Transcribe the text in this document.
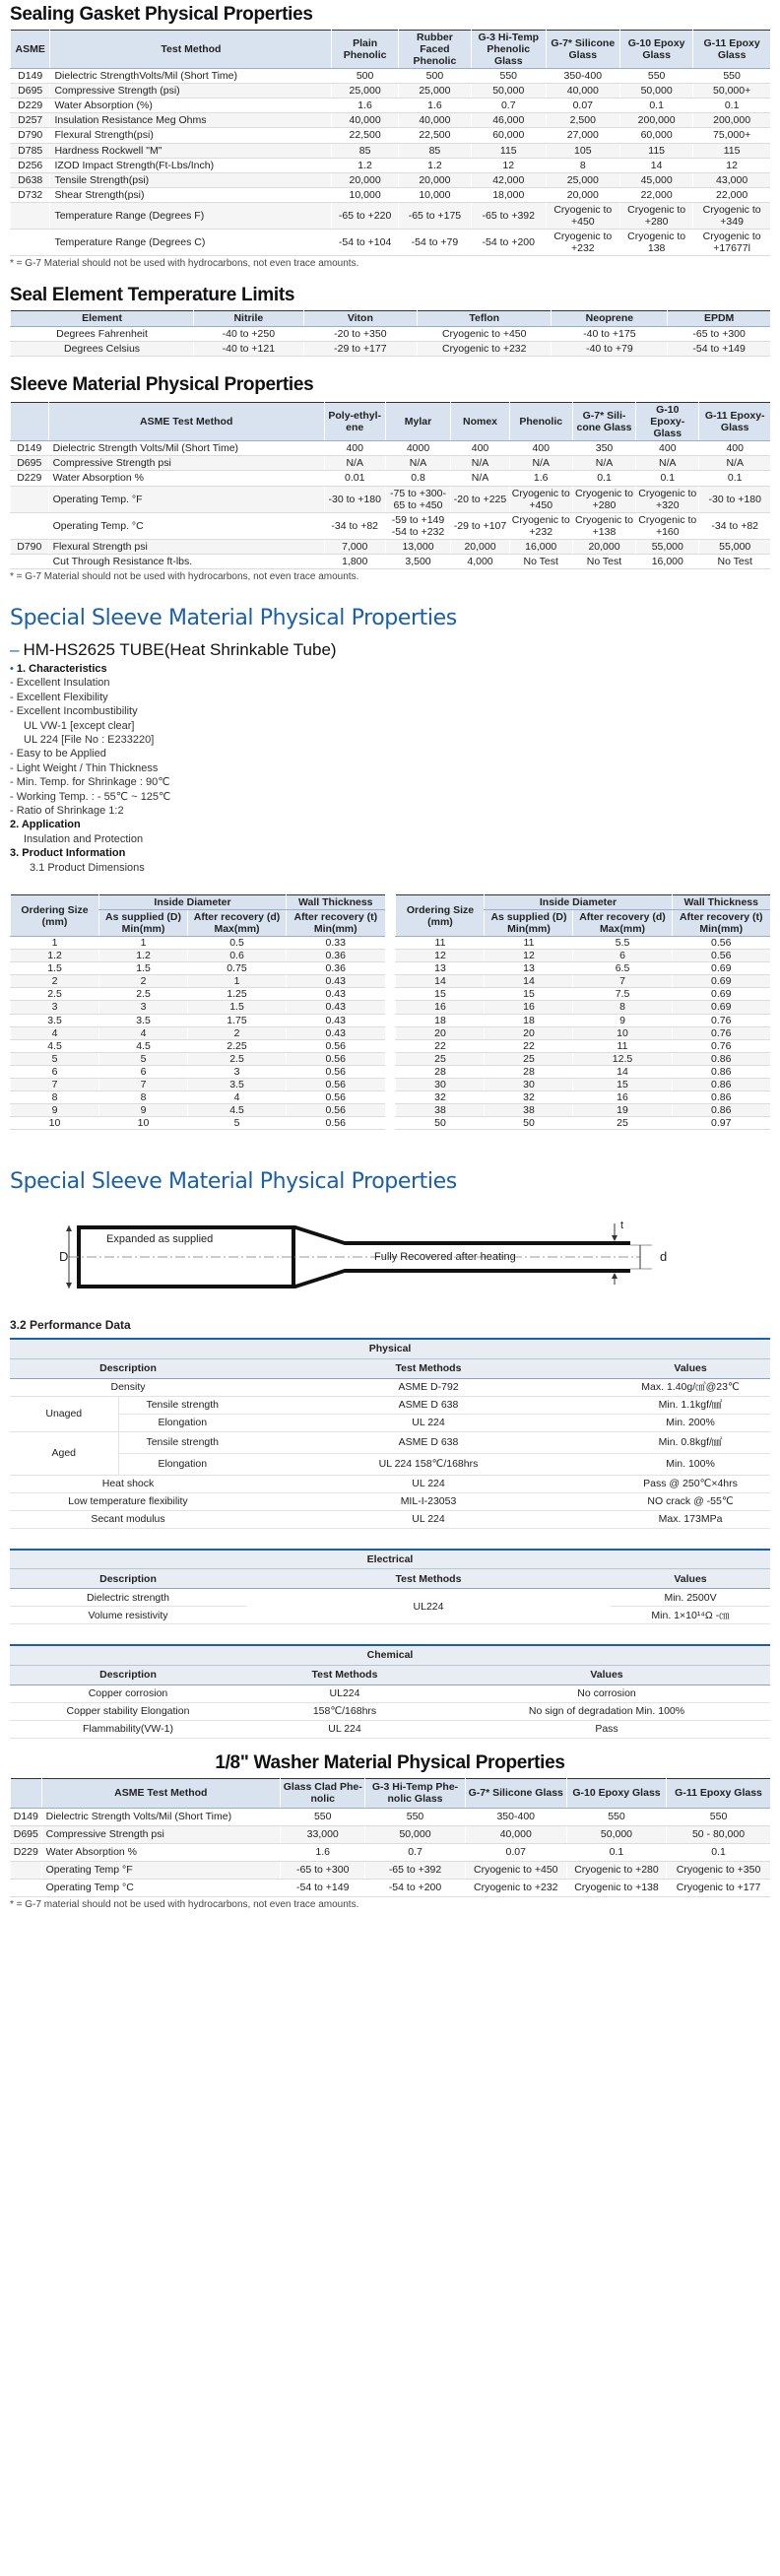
Sealing Gasket Physical Properties
ASME	Test Method	Plain Phenolic	Rubber Faced Phenolic	G-3 Hi-Temp Phenolic Glass	G-7* Silicone Glass	G-10 Epoxy Glass	G-11 Epoxy Glass
D149	Dielectric StrengthVolts/Mil (Short Time)	500	500	550	350-400	550	550
D695	Compressive Strength (psi)	25,000	25,000	50,000	40,000	50,000	50,000+
D229	Water Absorption (%)	1.6	1.6	0.7	0.07	0.1	0.1
D257	Insulation Resistance Meg Ohms	40,000	40,000	46,000	2,500	200,000	200,000
D790	Flexural Strength(psi)	22,500	22,500	60,000	27,000	60,000	75,000+
D785	Hardness Rockwell "M"	85	85	115	105	115	115
D256	IZOD Impact Strength(Ft-Lbs/Inch)	1.2	1.2	12	8	14	12
D638	Tensile Strength(psi)	20,000	20,000	42,000	25,000	45,000	43,000
D732	Shear Strength(psi)	10,000	10,000	18,000	20,000	22,000	22,000
	Temperature Range (Degrees F)	-65 to +220	-65 to +175	-65 to +392	Cryogenic to +450	Cryogenic to +280	Cryogenic to +349
	Temperature Range (Degrees C)	-54 to +104	-54 to +79	-54 to +200	Cryogenic to +232	Cryogenic to 138	Cryogenic to +17677l
* = G-7 Material should not be used with hydrocarbons, not even trace amounts.
Seal Element Temperature Limits
Element	Nitrile	Viton	Teflon	Neoprene	EPDM
Degrees Fahrenheit	-40 to +250	-20 to +350	Cryogenic to +450	-40 to +175	-65 to +300
Degrees Celsius	-40 to +121	-29 to +177	Cryogenic to +232	-40 to +79	-54 to +149
Sleeve Material Physical Properties
	ASME Test Method	Poly-ethyl-ene	Mylar	Nomex	Phenolic	G-7* Sili-cone Glass	G-10 Epoxy-Glass	G-11 Epoxy-Glass
D149	Dielectric Strength Volts/Mil (Short Time)	400	4000	400	400	350	400	400
D695	Compressive Strength psi	N/A	N/A	N/A	N/A	N/A	N/A	N/A
D229	Water Absorption %	0.01	0.8	N/A	1.6	0.1	0.1	0.1
	Operating Temp. °F	-30 to +180	-75 to +300-65 to +450	-20 to +225	Cryogenic to +450	Cryogenic to +280	Cryogenic to +320	-30 to +180
	Operating Temp. °C	-34 to +82	-59 to +149 -54 to +232	-29 to +107	Cryogenic to +232	Cryogenic to +138	Cryogenic to +160	-34 to +82
D790	Flexural Strength psi	7,000	13,000	20,000	16,000	20,000	55,000	55,000
	Cut Through Resistance ft-lbs.	1,800	3,500	4,000	No Test	No Test	16,000	No Test
* = G-7 Material should not be used with hydrocarbons, not even trace amounts.
Special Sleeve Material Physical Properties
– HM-HS2625 TUBE(Heat Shrinkable Tube)
• 1. Characteristics
- Excellent Insulation
- Excellent Flexibility
- Excellent Incombustibility
UL VW-1 [except clear]
UL 224 [File No : E233220]
- Easy to be Applied
- Light Weight / Thin Thickness
- Min. Temp. for Shrinkage : 90℃
- Working Temp. : - 55℃ ~ 125℃
- Ratio of Shrinkage 1:2
2. Application
Insulation and Protection
3. Product Information
3.1 Product Dimensions
Ordering Size (mm)	Inside Diameter		Wall Thickness
	As supplied (D) Min(mm)	After recovery (d) Max(mm)	After recovery (t) Min(mm)
1	1	0.5	0.33
1.2	1.2	0.6	0.36
1.5	1.5	0.75	0.36
2	2	1	0.43
2.5	2.5	1.25	0.43
3	3	1.5	0.43
3.5	3.5	1.75	0.43
4	4	2	0.43
4.5	4.5	2.25	0.56
5	5	2.5	0.56
6	6	3	0.56
7	7	3.5	0.56
8	8	4	0.56
9	9	4.5	0.56
10	10	5	0.56
Ordering Size (mm)	Inside Diameter		Wall Thickness
	As supplied (D) Min(mm)	After recovery (d) Max(mm)	After recovery (t) Min(mm)
11	11	5.5	0.56
12	12	6	0.56
13	13	6.5	0.69
14	14	7	0.69
15	15	7.5	0.69
16	16	8	0.69
18	18	9	0.76
20	20	10	0.76
22	22	11	0.76
25	25	12.5	0.86
28	28	14	0.86
30	30	15	0.86
32	32	16	0.86
38	38	19	0.86
50	50	25	0.97
Special Sleeve Material Physical Properties
D	d
t
Expanded as supplied
Fully Recovered after heating
3.2 Performance Data
Physical			
Description		Test Methods	Values
Density		ASME D-792	Max. 1.40g/㎤@23℃
Unaged	Tensile strength	ASME D 638	Min. 1.1kgf/㎟
	Elongation	UL 224	Min. 200%
Aged	Tensile strength	ASME D 638	Min. 0.8kgf/㎟
	Elongation	UL 224 158℃/168hrs	Min. 100%
Heat shock		UL 224	Pass @ 250℃×4hrs
Low temperature flexibility		MIL-I-23053	NO crack @ -55℃
Secant modulus		UL 224	Max. 173MPa
Electrical		
Description	Test Methods	Values
Dielectric strength	UL224	Min. 2500V
Volume resistivity		Min. 1×10¹⁴Ω -㎝
Chemical		
Description	Test Methods	Values
Copper corrosion	UL224	No corrosion
Copper stability Elongation	158℃/168hrs	No sign of degradation Min. 100%
Flammability(VW-1)	UL 224	Pass
1/8" Washer Material Physical Properties
	ASME Test Method	Glass Clad Phe-nolic	G-3 Hi-Temp Phe-nolic Glass	G-7* Silicone Glass	G-10 Epoxy Glass	G-11 Epoxy Glass
D149	Dielectric Strength Volts/Mil (Short Time)	550	550	350-400	550	550
D695	Compressive Strength psi	33,000	50,000	40,000	50,000	50 - 80,000
D229	Water Absorption %	1.6	0.7	0.07	0.1	0.1
	Operating Temp °F	-65 to +300	-65 to +392	Cryogenic to +450	Cryogenic to +280	Cryogenic to +350
	Operating Temp °C	-54 to +149	-54 to +200	Cryogenic to +232	Cryogenic to +138	Cryogenic to +177
* = G-7 material should not be used with hydrocarbons, not even trace amounts.
